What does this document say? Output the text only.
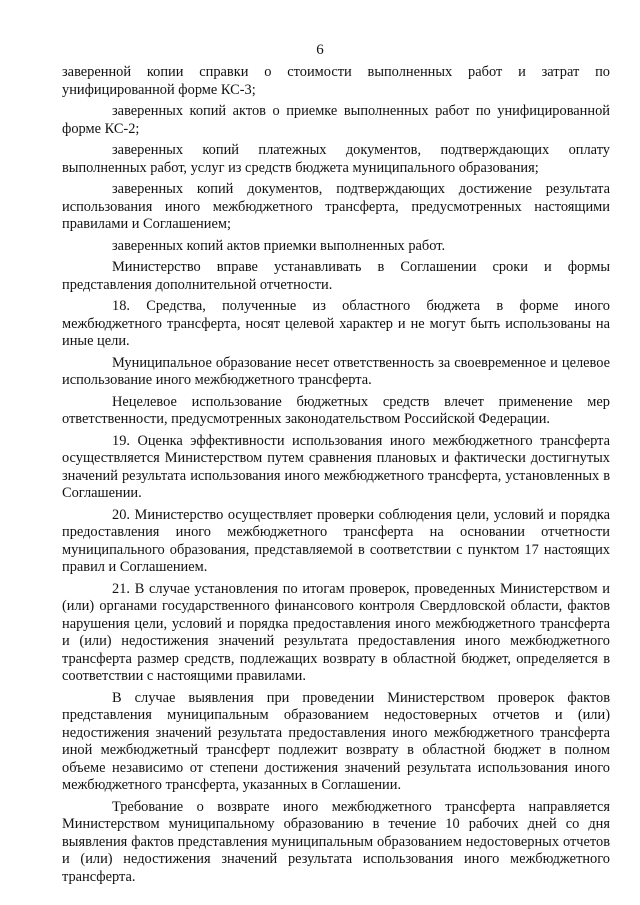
6

заверенной копии справки о стоимости выполненных работ и затрат по унифицированной форме КС-3;

заверенных копий актов о приемке выполненных работ по унифицированной форме КС-2;

заверенных копий платежных документов, подтверждающих оплату выполненных работ, услуг из средств бюджета муниципального образования;

заверенных копий документов, подтверждающих достижение результата использования иного межбюджетного трансферта, предусмотренных настоящими правилами и Соглашением;

заверенных копий актов приемки выполненных работ.

Министерство вправе устанавливать в Соглашении сроки и формы представления дополнительной отчетности.

18. Средства, полученные из областного бюджета в форме иного межбюджетного трансферта, носят целевой характер и не могут быть использованы на иные цели.

Муниципальное образование несет ответственность за своевременное и целевое использование иного межбюджетного трансферта.

Нецелевое использование бюджетных средств влечет применение мер ответственности, предусмотренных законодательством Российской Федерации.

19. Оценка эффективности использования иного межбюджетного трансферта осуществляется Министерством путем сравнения плановых и фактически достигнутых значений результата использования иного межбюджетного трансферта, установленных в Соглашении.

20. Министерство осуществляет проверки соблюдения цели, условий и порядка предоставления иного межбюджетного трансферта на основании отчетности муниципального образования, представляемой в соответствии с пунктом 17 настоящих правил и Соглашением.

21. В случае установления по итогам проверок, проведенных Министерством и (или) органами государственного финансового контроля Свердловской области, фактов нарушения цели, условий и порядка предоставления иного межбюджетного трансферта и (или) недостижения значений результата предоставления иного межбюджетного трансферта размер средств, подлежащих возврату в областной бюджет, определяется в соответствии с настоящими правилами.

В случае выявления при проведении Министерством проверок фактов представления муниципальным образованием недостоверных отчетов и (или) недостижения значений результата предоставления иного межбюджетного трансферта иной межбюджетный трансферт подлежит возврату в областной бюджет в полном объеме независимо от степени достижения значений результата использования иного межбюджетного трансферта, указанных в Соглашении.

Требование о возврате иного межбюджетного трансферта направляется Министерством муниципальному образованию в течение 10 рабочих дней со дня выявления фактов представления муниципальным образованием недостоверных отчетов и (или) недостижения значений результата использования иного межбюджетного трансферта.
